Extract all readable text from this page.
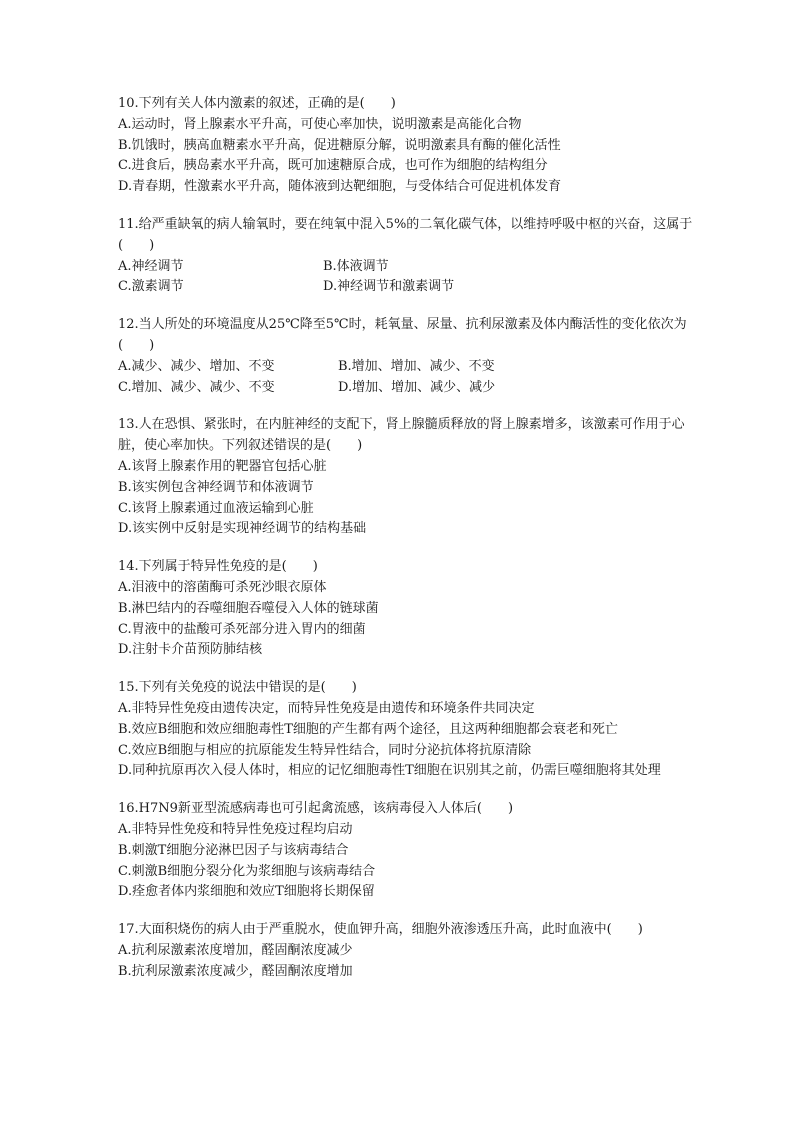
10.下列有关人体内激素的叙述，正确的是(　　)
A.运动时，肾上腺素水平升高，可使心率加快，说明激素是高能化合物
B.饥饿时，胰高血糖素水平升高，促进糖原分解，说明激素具有酶的催化活性
C.进食后，胰岛素水平升高，既可加速糖原合成，也可作为细胞的结构组分
D.青春期，性激素水平升高，随体液到达靶细胞，与受体结合可促进机体发育
11.给严重缺氧的病人输氧时，要在纯氧中混入5%的二氧化碳气体，以维持呼吸中枢的兴奋，这属于(　　)
A.神经调节	B.体液调节
C.激素调节	D.神经调节和激素调节
12.当人所处的环境温度从25℃降至5℃时，耗氧量、尿量、抗利尿激素及体内酶活性的变化依次为(　　)
A.减少、减少、增加、不变	B.增加、增加、减少、不变
C.增加、减少、减少、不变	D.增加、增加、减少、减少
13.人在恐惧、紧张时，在内脏神经的支配下，肾上腺髓质释放的肾上腺素增多，该激素可作用于心脏，使心率加快。下列叙述错误的是(　　)
A.该肾上腺素作用的靶器官包括心脏
B.该实例包含神经调节和体液调节
C.该肾上腺素通过血液运输到心脏
D.该实例中反射是实现神经调节的结构基础
14.下列属于特异性免疫的是(　　)
A.泪液中的溶菌酶可杀死沙眼衣原体
B.淋巴结内的吞噬细胞吞噬侵入人体的链球菌
C.胃液中的盐酸可杀死部分进入胃内的细菌
D.注射卡介苗预防肺结核
15.下列有关免疫的说法中错误的是(　　)
A.非特异性免疫由遗传决定，而特异性免疫是由遗传和环境条件共同决定
B.效应B细胞和效应细胞毒性T细胞的产生都有两个途径，且这两种细胞都会衰老和死亡
C.效应B细胞与相应的抗原能发生特异性结合，同时分泌抗体将抗原清除
D.同种抗原再次入侵人体时，相应的记忆细胞毒性T细胞在识别其之前，仍需巨噬细胞将其处理
16.H7N9新亚型流感病毒也可引起禽流感，该病毒侵入人体后(　　)
A.非特异性免疫和特异性免疫过程均启动
B.刺激T细胞分泌淋巴因子与该病毒结合
C.刺激B细胞分裂分化为浆细胞与该病毒结合
D.痊愈者体内浆细胞和效应T细胞将长期保留
17.大面积烧伤的病人由于严重脱水，使血钾升高，细胞外液渗透压升高，此时血液中(　　)
A.抗利尿激素浓度增加，醛固酮浓度减少
B.抗利尿激素浓度减少，醛固酮浓度增加
